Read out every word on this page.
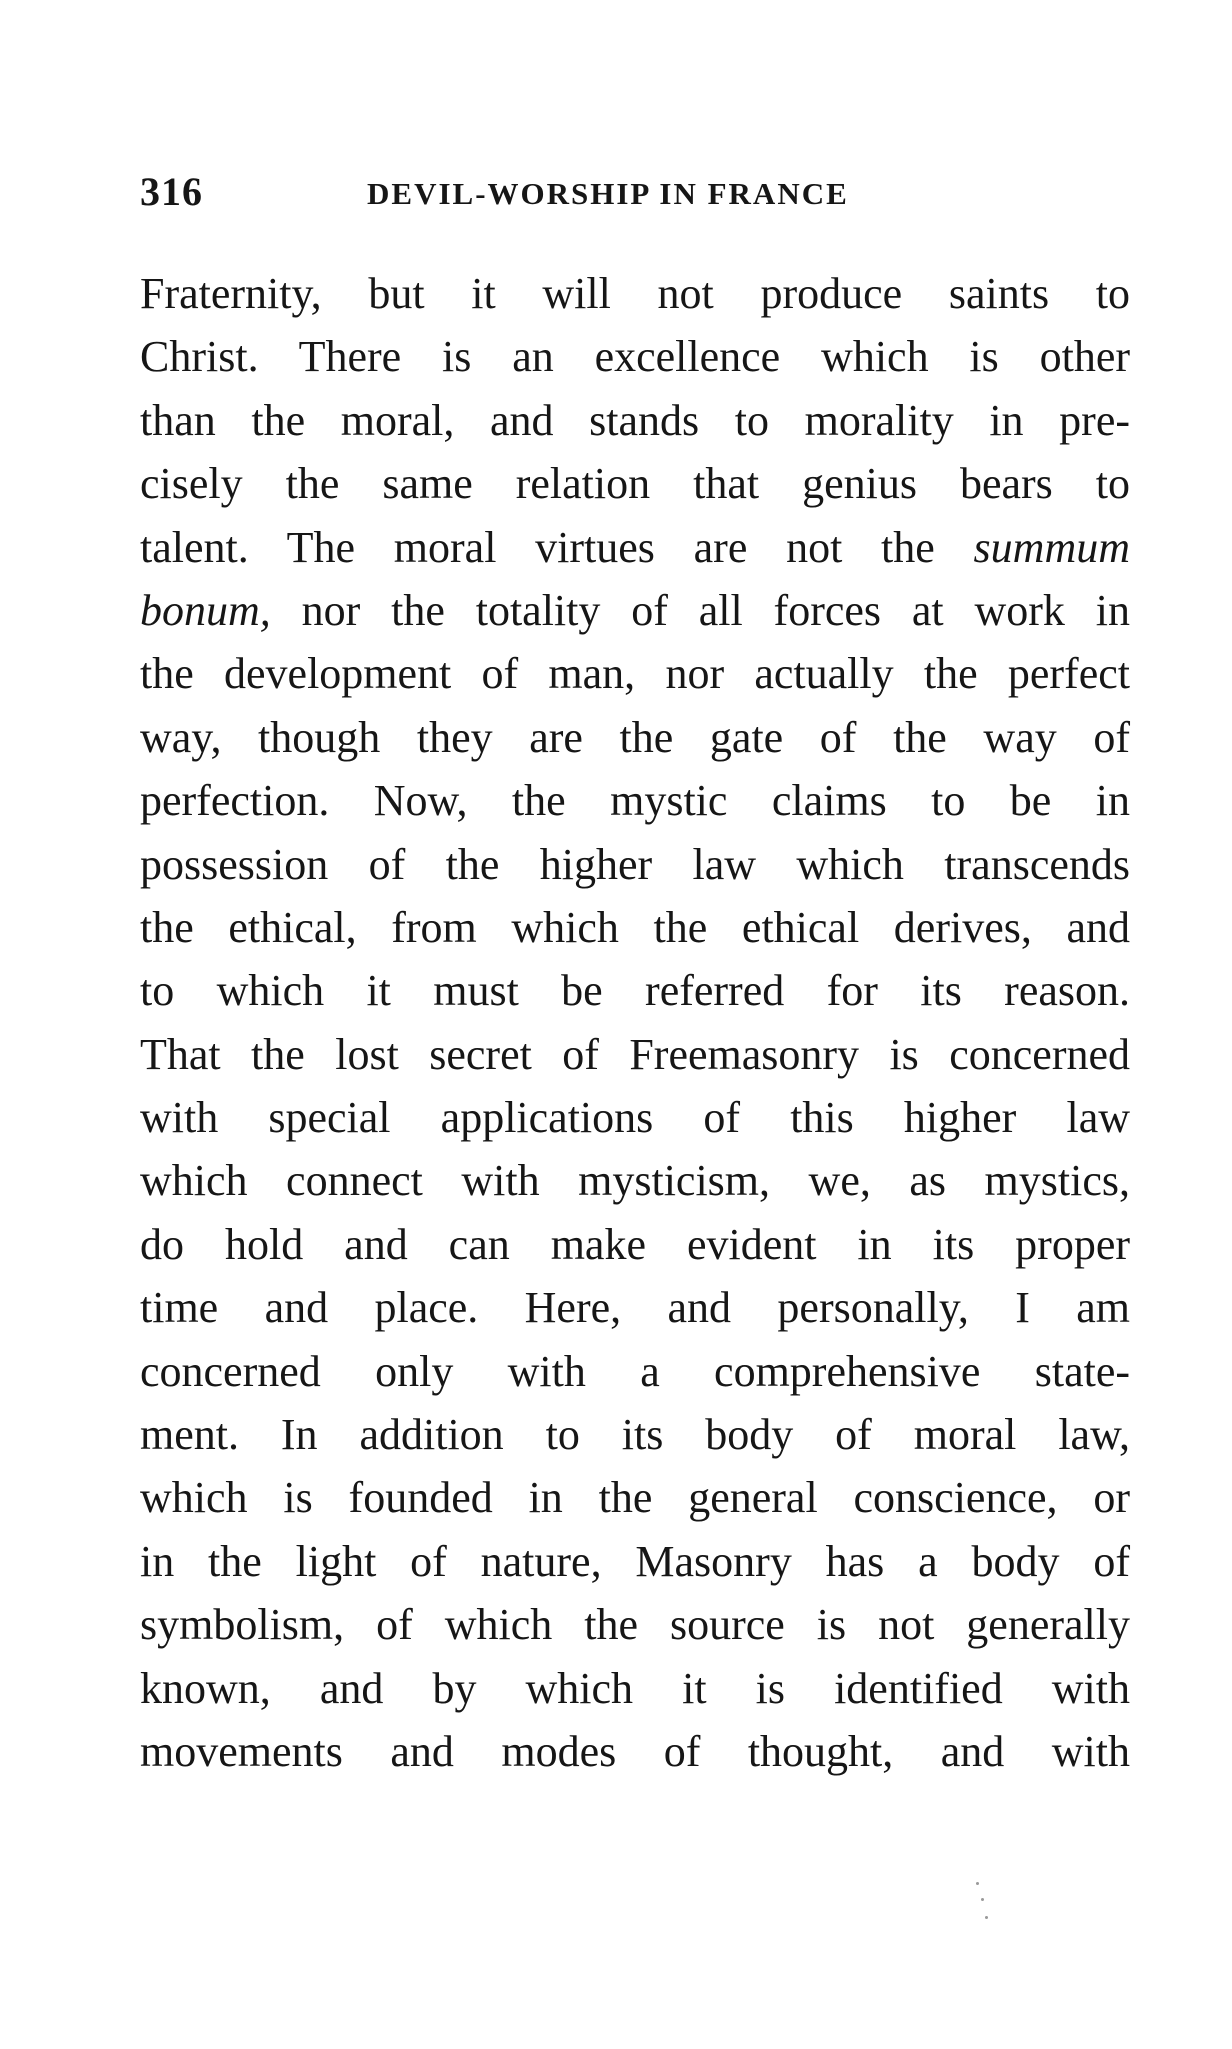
316	DEVIL-WORSHIP IN FRANCE
Fraternity, but it will not produce saints to
Christ. There is an excellence which is other
than the moral, and stands to morality in pre-
cisely the same relation that genius bears to
talent. The moral virtues are not the summum
bonum, nor the totality of all forces at work in
the development of man, nor actually the perfect
way, though they are the gate of the way of
perfection. Now, the mystic claims to be in
possession of the higher law which transcends
the ethical, from which the ethical derives, and
to which it must be referred for its reason.
That the lost secret of Freemasonry is concerned
with special applications of this higher law
which connect with mysticism, we, as mystics,
do hold and can make evident in its proper
time and place. Here, and personally, I am
concerned only with a comprehensive state-
ment. In addition to its body of moral law,
which is founded in the general conscience, or
in the light of nature, Masonry has a body of
symbolism, of which the source is not generally
known, and by which it is identified with
movements and modes of thought, and with
